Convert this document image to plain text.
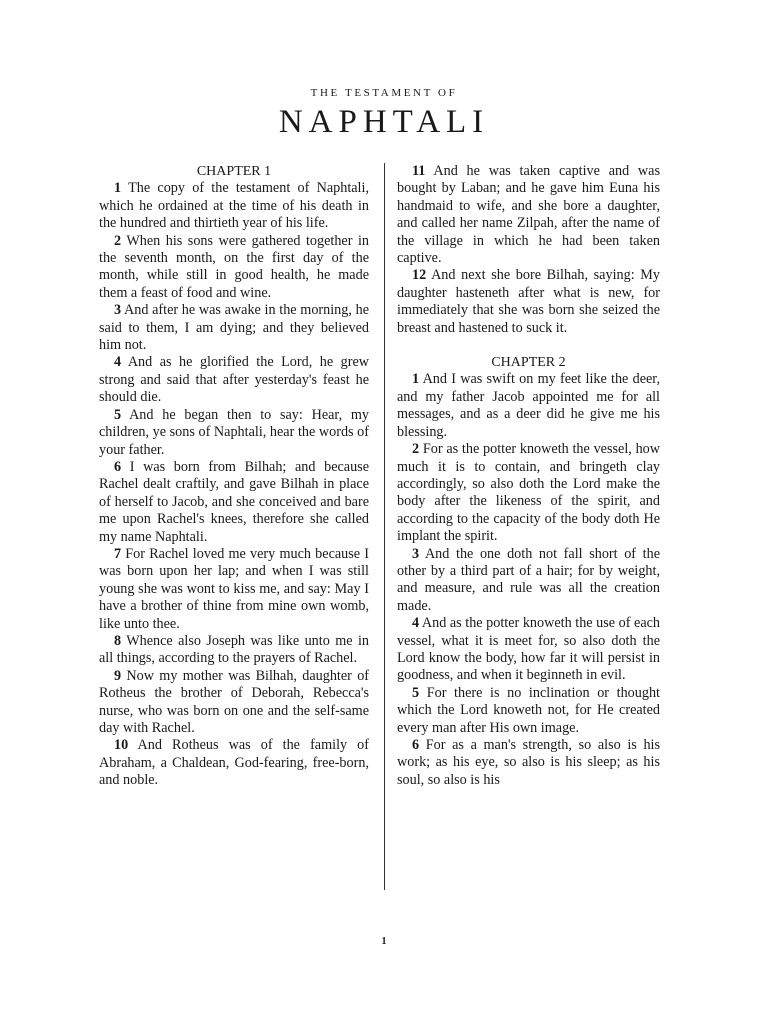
THE TESTAMENT OF
NAPHTALI

CHAPTER 1

1 The copy of the testament of Naphtali, which he ordained at the time of his death in the hundred and thirtieth year of his life.

2 When his sons were gathered together in the seventh month, on the first day of the month, while still in good health, he made them a feast of food and wine.

3 And after he was awake in the morning, he said to them, I am dying; and they believed him not.

4 And as he glorified the Lord, he grew strong and said that after yesterday's feast he should die.

5 And he began then to say: Hear, my children, ye sons of Naphtali, hear the words of your father.

6 I was born from Bilhah; and because Rachel dealt craftily, and gave Bilhah in place of herself to Jacob, and she conceived and bare me upon Rachel's knees, therefore she called my name Naphtali.

7 For Rachel loved me very much because I was born upon her lap; and when I was still young she was wont to kiss me, and say: May I have a brother of thine from mine own womb, like unto thee.

8 Whence also Joseph was like unto me in all things, according to the prayers of Rachel.

9 Now my mother was Bilhah, daughter of Rotheus the brother of Deborah, Rebecca's nurse, who was born on one and the self-same day with Rachel.

10 And Rotheus was of the family of Abraham, a Chaldean, God-fearing, free-born, and noble.

11 And he was taken captive and was bought by Laban; and he gave him Euna his handmaid to wife, and she bore a daughter, and called her name Zilpah, after the name of the village in which he had been taken captive.

12 And next she bore Bilhah, saying: My daughter hasteneth after what is new, for immediately that she was born she seized the breast and hastened to suck it.

CHAPTER 2

1 And I was swift on my feet like the deer, and my father Jacob appointed me for all messages, and as a deer did he give me his blessing.

2 For as the potter knoweth the vessel, how much it is to contain, and bringeth clay accordingly, so also doth the Lord make the body after the likeness of the spirit, and according to the capacity of the body doth He implant the spirit.

3 And the one doth not fall short of the other by a third part of a hair; for by weight, and measure, and rule was all the creation made.

4 And as the potter knoweth the use of each vessel, what it is meet for, so also doth the Lord know the body, how far it will persist in goodness, and when it beginneth in evil.

5 For there is no inclination or thought which the Lord knoweth not, for He created every man after His own image.

6 For as a man's strength, so also is his work; as his eye, so also is his sleep; as his soul, so also is his

1
